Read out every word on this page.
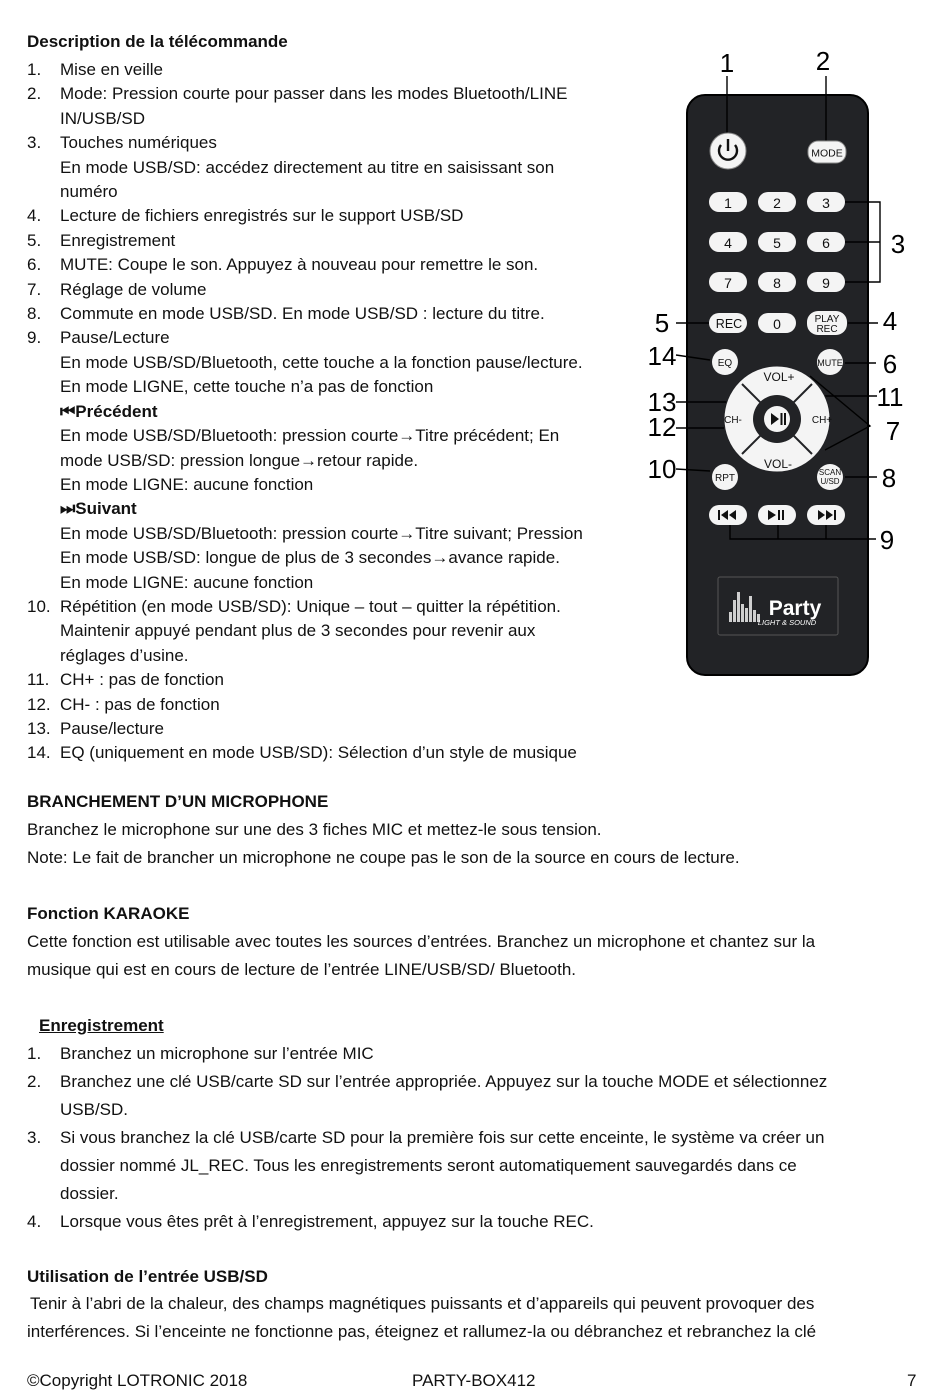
Description de la télécommande
1.	Mise en veille
2.	Mode: Pression courte pour passer dans les modes Bluetooth/LINE
IN/USB/SD
3.	Touches numériques
En mode USB/SD: accédez directement au titre en saisissant son
numéro
4.	Lecture de fichiers enregistrés sur le support USB/SD
5.	Enregistrement
6.	MUTE: Coupe le son. Appuyez à nouveau pour remettre le son.
7.	Réglage de volume
8.	Commute en mode USB/SD. En mode USB/SD : lecture du titre.
9.	Pause/Lecture
En mode USB/SD/Bluetooth, cette touche a la fonction pause/lecture.
En mode LIGNE, cette touche n’a pas de fonction
⏮Précédent
En mode USB/SD/Bluetooth: pression courte→Titre précédent; En
mode USB/SD: pression longue→retour rapide.
En mode LIGNE: aucune fonction
⏭Suivant
En mode USB/SD/Bluetooth: pression courte→Titre suivant; Pression
En mode USB/SD: longue de plus de 3 secondes→avance rapide.
En mode LIGNE: aucune fonction
10. Répétition (en mode USB/SD): Unique – tout – quitter la répétition.
Maintenir appuyé pendant plus de 3 secondes pour revenir aux
réglages d’usine.
11. CH+ : pas de fonction
12. CH- : pas de fonction
13. Pause/lecture
14. EQ (uniquement en mode USB/SD): Sélection d’un style de musique
1	2
3
4
5
6
7
8
9
10
11
12
13
14
MODE
1	2	3
4	5	6
7	8	9
REC 0	PLAY
REC
EQ	MUTE
VOL+
VOL-
CH-	CH+
RPT
SCAN
U/SD
Party
LIGHT & SOUND
BRANCHEMENT D’UN MICROPHONE
Branchez le microphone sur une des 3 fiches MIC et mettez-le sous tension.
Note: Le fait de brancher un microphone ne coupe pas le son de la source en cours de lecture.
Fonction KARAOKE
Cette fonction est utilisable avec toutes les sources d’entrées. Branchez un microphone et chantez sur la
musique qui est en cours de lecture de l’entrée LINE/USB/SD/ Bluetooth.
Enregistrement
1.	Branchez un microphone sur l’entrée MIC
2.	Branchez une clé USB/carte SD sur l’entrée appropriée. Appuyez sur la touche MODE et sélectionnez
USB/SD.
3.	Si vous branchez la clé USB/carte SD pour la première fois sur cette enceinte, le système va créer un
dossier nommé JL_REC. Tous les enregistrements seront automatiquement sauvegardés dans ce
dossier.
4.	Lorsque vous êtes prêt à l’enregistrement, appuyez sur la touche REC.
Utilisation de l’entrée USB/SD
Tenir à l’abri de la chaleur, des champs magnétiques puissants et d’appareils qui peuvent provoquer des
interférences. Si l’enceinte ne fonctionne pas, éteignez et rallumez-la ou débranchez et rebranchez la clé
©Copyright LOTRONIC 2018	PARTY-BOX412	7
